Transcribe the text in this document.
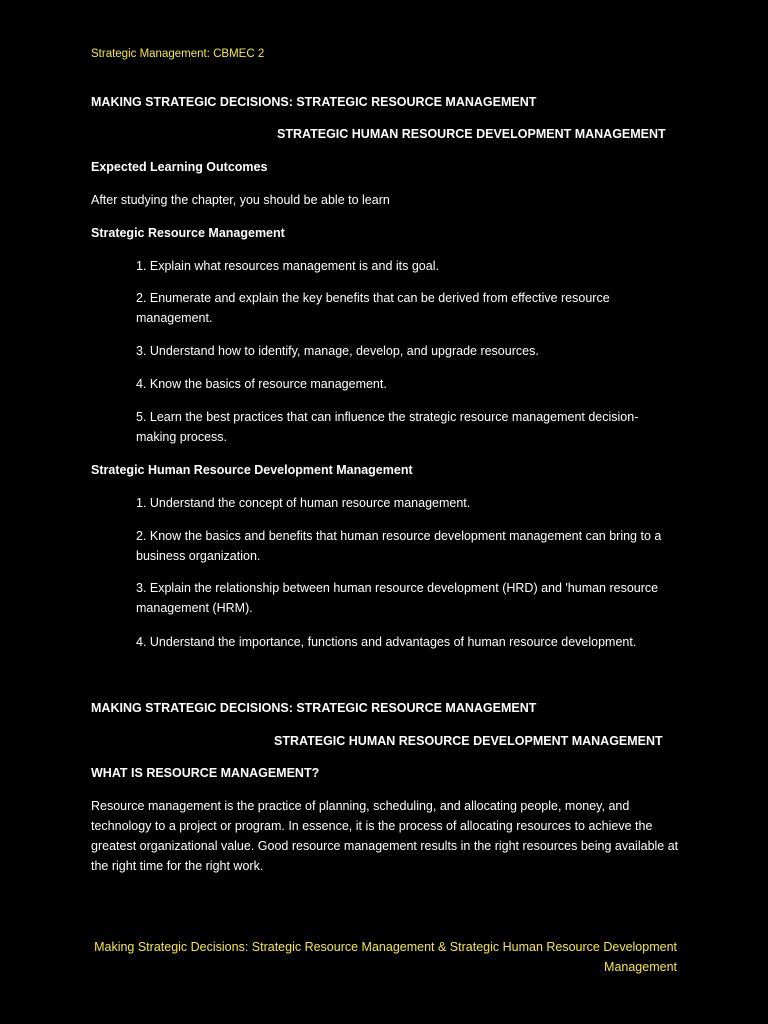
Strategic Management: CBMEC 2

MAKING STRATEGIC DECISIONS: STRATEGIC RESOURCE MANAGEMENT

STRATEGIC HUMAN RESOURCE DEVELOPMENT MANAGEMENT

Expected Learning Outcomes

After studying the chapter, you should be able to learn

Strategic Resource Management

1. Explain what resources management is and its goal.

2. Enumerate and explain the key benefits that can be derived from effective resource management.

3. Understand how to identify, manage, develop, and upgrade resources.

4. Know the basics of resource management.

5. Learn the best practices that can influence the strategic resource management decision-making process.

Strategic Human Resource Development Management

1. Understand the concept of human resource management.

2. Know the basics and benefits that human resource development management can bring to a business organization.

3. Explain the relationship between human resource development (HRD) and 'human resource management (HRM).

4. Understand the importance, functions and advantages of human resource development.

MAKING STRATEGIC DECISIONS: STRATEGIC RESOURCE MANAGEMENT

STRATEGIC HUMAN RESOURCE DEVELOPMENT MANAGEMENT

WHAT IS RESOURCE MANAGEMENT?

Resource management is the practice of planning, scheduling, and allocating people, money, and technology to a project or program. In essence, it is the process of allocating resources to achieve the greatest organizational value. Good resource management results in the right resources being available at the right time for the right work.

Making Strategic Decisions: Strategic Resource Management & Strategic Human Resource Development

Management
